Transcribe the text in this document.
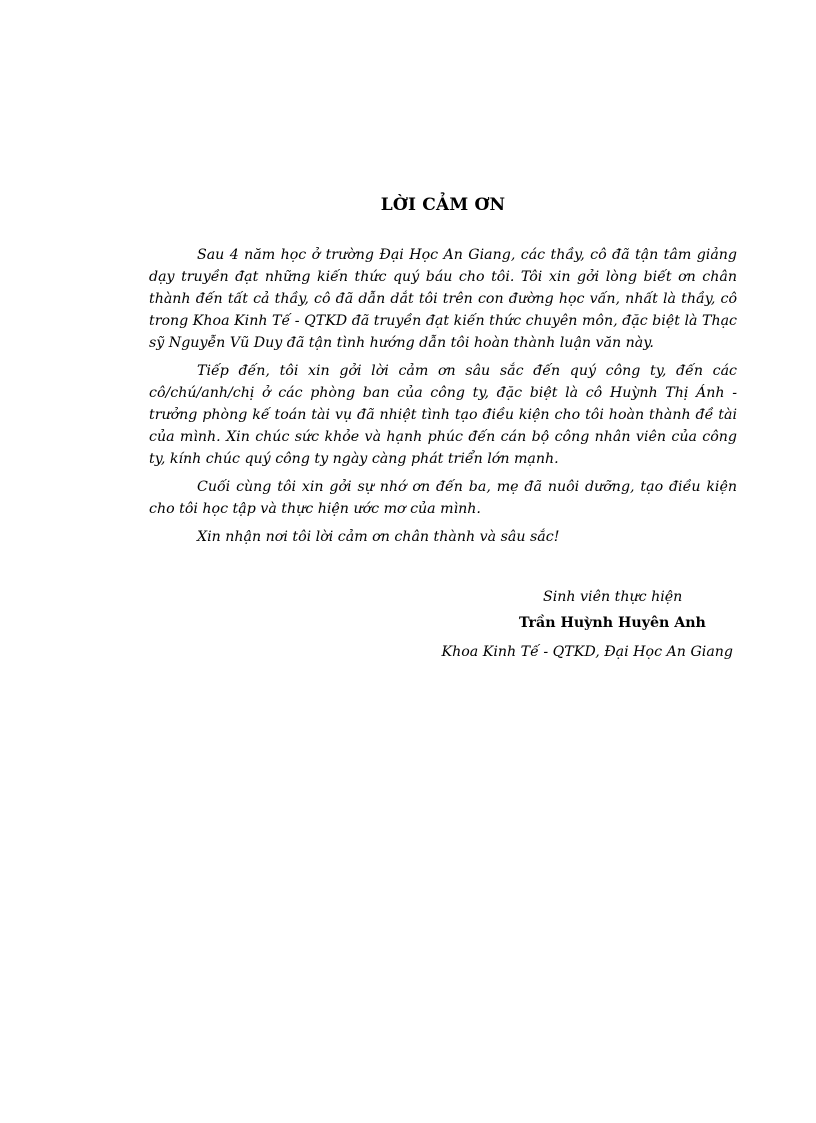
LỜI CẢM ƠN

Sau 4 năm học ở trường Đại Học An Giang, các thầy, cô đã tận tâm giảng dạy truyền đạt những kiến thức quý báu cho tôi. Tôi xin gởi lòng biết ơn chân thành đến tất cả thầy, cô đã dẫn dắt tôi trên con đường học vấn, nhất là thầy, cô trong Khoa Kinh Tế - QTKD đã truyền đạt kiến thức chuyên môn, đặc biệt là Thạc sỹ Nguyễn Vũ Duy đã tận tình hướng dẫn tôi hoàn thành luận văn này.

Tiếp đến, tôi xin gởi lời cảm ơn sâu sắc đến quý công ty, đến các cô/chú/anh/chị ở các phòng ban của công ty, đặc biệt là cô Huỳnh Thị Ánh - trưởng phòng kế toán tài vụ đã nhiệt tình tạo điều kiện cho tôi hoàn thành đề tài của mình. Xin chúc sức khỏe và hạnh phúc đến cán bộ công nhân viên của công ty, kính chúc quý công ty ngày càng phát triển lớn mạnh.

Cuối cùng tôi xin gởi sự nhớ ơn đến ba, mẹ đã nuôi dưỡng, tạo điều kiện cho tôi học tập và thực hiện ước mơ của mình.

Xin nhận nơi tôi lời cảm ơn chân thành và sâu sắc!

Sinh viên thực hiện
Trần Huỳnh Huyên Anh
Khoa Kinh Tế - QTKD, Đại Học An Giang
